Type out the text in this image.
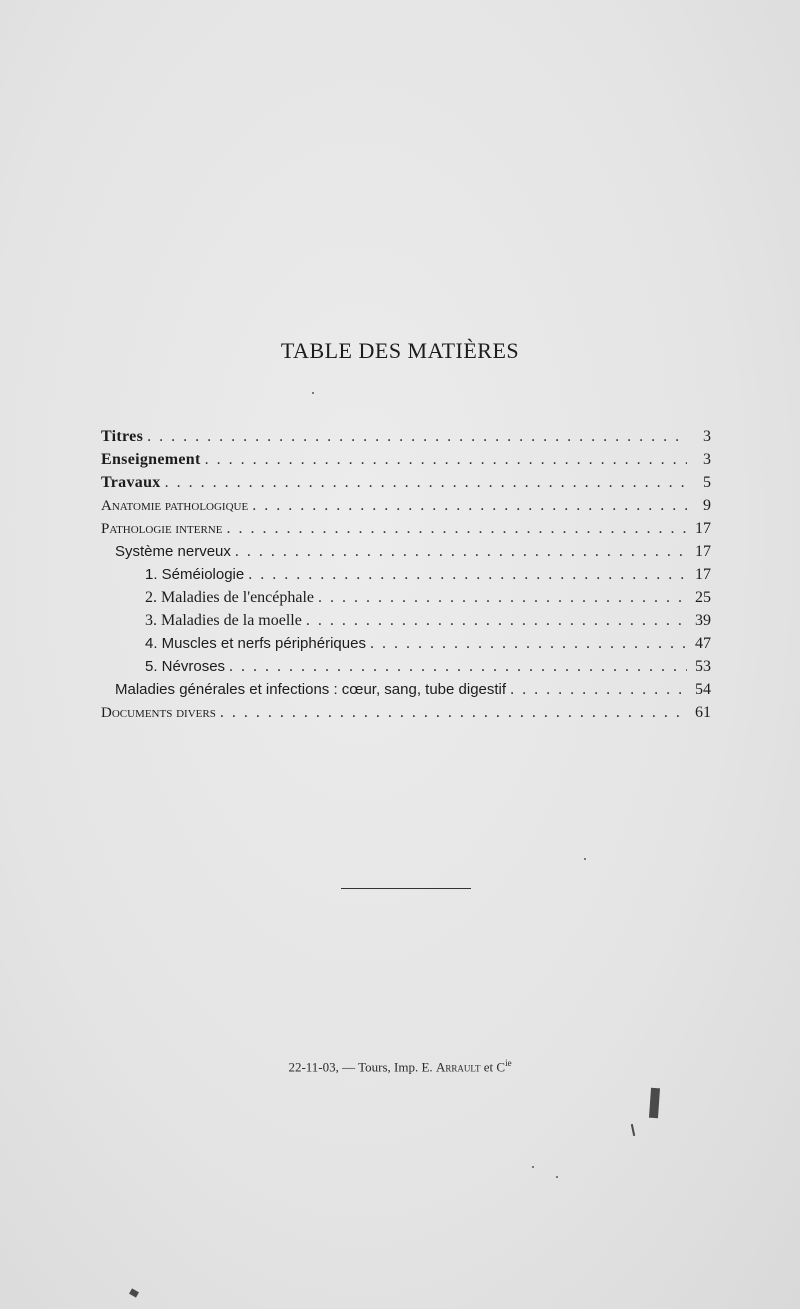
TABLE DES MATIÈRES
Titres . . .	3
Enseignement . . .	3
Travaux . . .	5
Anatomie pathologique . . .	9
Pathologie interne . . .	17
Système nerveux . . .	17
1. Séméiologie . . .	17
2. Maladies de l'encéphale . . .	25
3. Maladies de la moelle . . .	39
4. Muscles et nerfs périphériques . . .	47
5. Névroses . . .	53
Maladies générales et infections : cœur, sang, tube digestif . . .	54
Documents divers . . .	61
22-11-03, — Tours, Imp. E. Arrault et $C^{ie}$
